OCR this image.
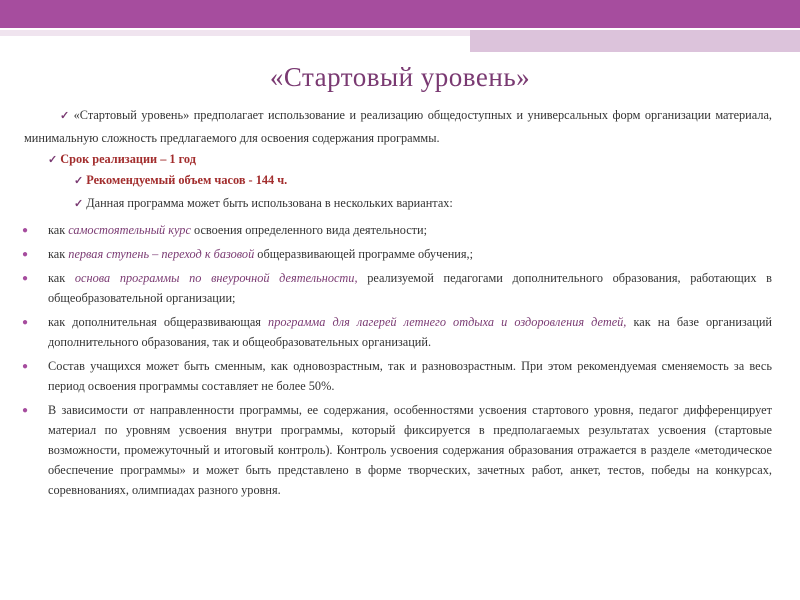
«Стартовый уровень»

✓ «Стартовый уровень» предполагает использование и реализацию общедоступных и универсальных форм организации материала, минимальную сложность предлагаемого для освоения содержания программы.

✓ Срок реализации – 1 год

✓ Рекомендуемый объем часов - 144 ч.

✓ Данная программа может быть использована в нескольких вариантах:

● как самостоятельный курс освоения определенного вида деятельности;

● как первая ступень – переход к базовой общеразвивающей программе обучения,;

● как основа программы по внеурочной деятельности, реализуемой педагогами дополнительного образования, работающих в общеобразовательной организации;

● как дополнительная общеразвивающая программа для лагерей летнего отдыха и оздоровления детей, как на базе организаций дополнительного образования, так и общеобразовательных организаций.

● Состав учащихся может быть сменным, как одновозрастным, так и разновозрастным. При этом рекомендуемая сменяемость за весь период освоения программы составляет не более 50%.

● В зависимости от направленности программы, ее содержания, особенностями усвоения стартового уровня, педагог дифференцирует материал по уровням усвоения внутри программы, который фиксируется в предполагаемых результатах усвоения (стартовые возможности, промежуточный и итоговый контроль). Контроль усвоения содержания образования отражается в разделе «методическое обеспечение программы» и может быть представлено в форме творческих, зачетных работ, анкет, тестов, победы на конкурсах, соревнованиях, олимпиадах разного уровня.
